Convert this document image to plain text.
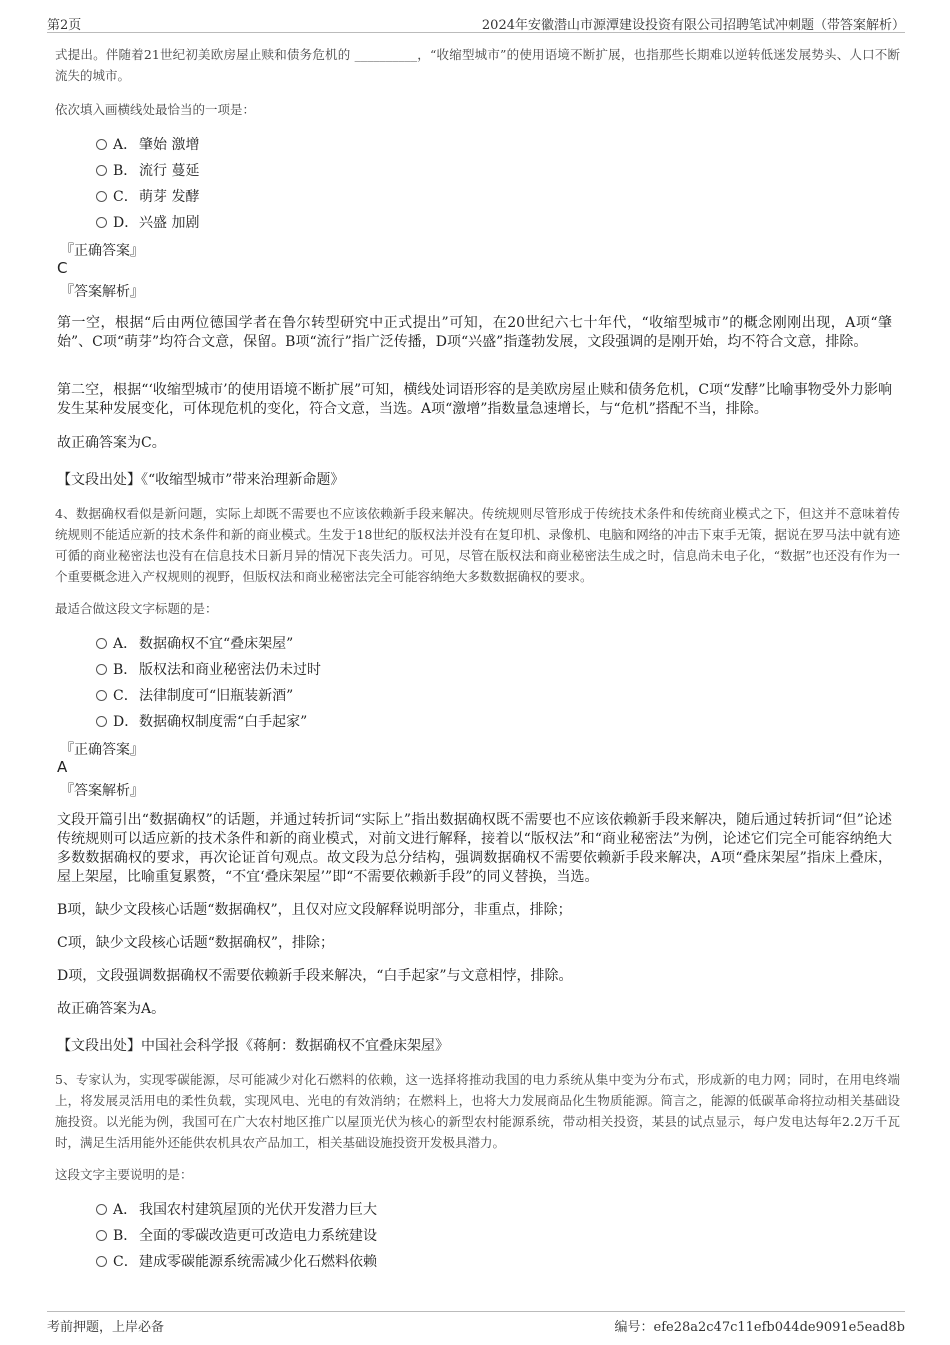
第2页	2024年安徽潜山市源潭建设投资有限公司招聘笔试冲刺题（带答案解析）
式提出。伴随着21世纪初美欧房屋止赎和债务危机的 __________，“收缩型城市”的使用语境不断扩展，也指那些长期难以逆转低迷发展势头、人口不断流失的城市。
依次填入画横线处最恰当的一项是：
A． 肇始 激增
B． 流行 蔓延
C．萌芽 发酵
D．兴盛 加剧
『正确答案』
C
『答案解析』
第一空，根据“后由两位德国学者在鲁尔转型研究中正式提出”可知，在20世纪六七十年代，“收缩型城市”的概念刚刚出现，A项“肇始”、C项“萌芽”均符合文意，保留。B项“流行”指广泛传播，D项“兴盛”指蓬勃发展，文段强调的是刚开始，均不符合文意，排除。
第二空，根据“‘收缩型城市’的使用语境不断扩展”可知，横线处词语形容的是美欧房屋止赎和债务危机，C项“发酵”比喻事物受外力影响发生某种发展变化，可体现危机的变化，符合文意，当选。A项“激增”指数量急速增长，与“危机”搭配不当，排除。
故正确答案为C。
【文段出处】《“收缩型城市”带来治理新命题》
4、数据确权看似是新问题，实际上却既不需要也不应该依赖新手段来解决。传统规则尽管形成于传统技术条件和传统商业模式之下，但这并不意味着传统规则不能适应新的技术条件和新的商业模式。生发于18世纪的版权法并没有在复印机、录像机、电脑和网络的冲击下束手无策，据说在罗马法中就有迹可循的商业秘密法也没有在信息技术日新月异的情况下丧失活力。可见，尽管在版权法和商业秘密法生成之时，信息尚未电子化，“数据”也还没有作为一个重要概念进入产权规则的视野，但版权法和商业秘密法完全可能容纳绝大多数数据确权的要求。
最适合做这段文字标题的是：
A． 数据确权不宜“叠床架屋”
B． 版权法和商业秘密法仍未过时
C．法律制度可“旧瓶装新酒”
D．数据确权制度需“白手起家”
『正确答案』
A
『答案解析』
文段开篇引出“数据确权”的话题，并通过转折词“实际上”指出数据确权既不需要也不应该依赖新手段来解决，随后通过转折词“但”论述传统规则可以适应新的技术条件和新的商业模式，对前文进行解释，接着以“版权法”和“商业秘密法”为例，论述它们完全可能容纳绝大多数数据确权的要求，再次论证首句观点。故文段为总分结构，强调数据确权不需要依赖新手段来解决，A项“叠床架屋”指床上叠床，屋上架屋，比喻重复累赘，“不宜‘叠床架屋’”即“不需要依赖新手段”的同义替换，当选。
B项，缺少文段核心话题“数据确权”，且仅对应文段解释说明部分，非重点，排除；
C项，缺少文段核心话题“数据确权”，排除；
D项，文段强调数据确权不需要依赖新手段来解决，“白手起家”与文意相悖，排除。
故正确答案为A。
【文段出处】中国社会科学报《蒋舸：数据确权不宜叠床架屋》
5、专家认为，实现零碳能源，尽可能减少对化石燃料的依赖，这一选择将推动我国的电力系统从集中变为分布式，形成新的电力网；同时，在用电终端上，将发展灵活用电的柔性负载，实现风电、光电的有效消纳；在燃料上，也将大力发展商品化生物质能源。简言之，能源的低碳革命将拉动相关基础设施投资。以光能为例，我国可在广大农村地区推广以屋顶光伏为核心的新型农村能源系统，带动相关投资，某县的试点显示，每户发电达每年2.2万千瓦时，满足生活用能外还能供农机具农产品加工，相关基础设施投资开发极具潜力。
这段文字主要说明的是：
A． 我国农村建筑屋顶的光伏开发潜力巨大
B． 全面的零碳改造更可改造电力系统建设
C．建成零碳能源系统需减少化石燃料依赖
考前押题，上岸必备	编号：efe28a2c47c11efb044de9091e5ead8b
